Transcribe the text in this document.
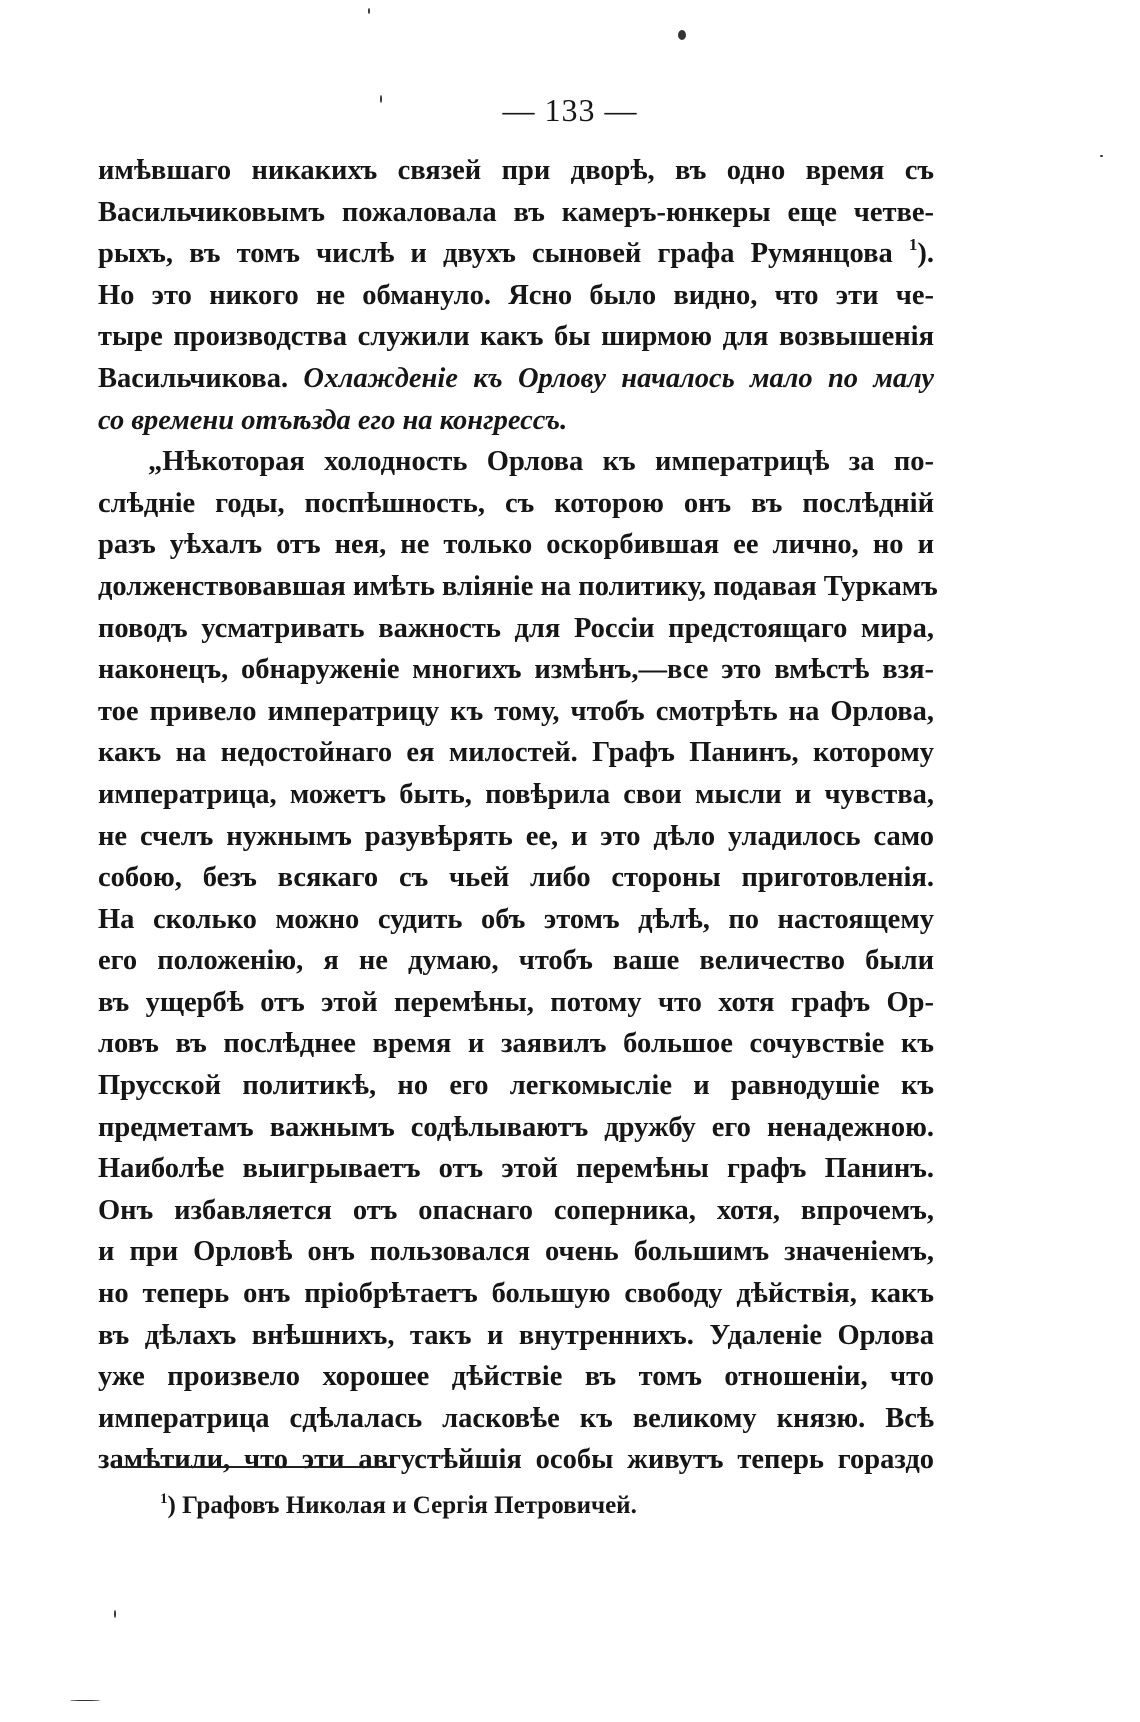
— 133 —
имѣвшаго никакихъ связей при дворѣ, въ одно время съ
Васильчиковымъ пожаловала въ камеръ-юнкеры еще четве-
рыхъ, въ томъ числѣ и двухъ сыновей графа Румянцова $^1$).
Но это никого не обмануло. Ясно было видно, что эти че-
тыре производства служили какъ бы ширмою для возвышенія
Васильчикова. Охлажденіе къ Орлову началось мало по малу
со времени отъѣзда его на конгрессъ.
„Нѣкоторая холодность Орлова къ императрицѣ за по-
слѣдніе годы, поспѣшность, съ которою онъ въ послѣдній
разъ уѣхалъ отъ нея, не только оскорбившая ее лично, но и
долженствовавшая имѣть вліяніе на политику, подавая Туркамъ
поводъ усматривать важность для Россіи предстоящаго мира,
наконецъ, обнаруженіе многихъ измѣнъ,—все это вмѣстѣ взя-
тое привело императрицу къ тому, чтобъ смотрѣть на Орлова,
какъ на недостойнаго ея милостей. Графъ Панинъ, которому
императрица, можетъ быть, повѣрила свои мысли и чувства,
не счелъ нужнымъ разувѣрять ее, и это дѣло уладилось само
собою, безъ всякаго съ чьей либо стороны приготовленія.
На сколько можно судить объ этомъ дѣлѣ, по настоящему
его положенію, я не думаю, чтобъ ваше величество были
въ ущербѣ отъ этой перемѣны, потому что хотя графъ Ор-
ловъ въ послѣднее время и заявилъ большое сочувствіе къ
Прусской политикѣ, но его легкомысліе и равнодушіе къ
предметамъ важнымъ содѣлываютъ дружбу его ненадежною.
Наиболѣе выигрываетъ отъ этой перемѣны графъ Панинъ.
Онъ избавляется отъ опаснаго соперника, хотя, впрочемъ,
и при Орловѣ онъ пользовался очень большимъ значеніемъ,
но теперь онъ пріобрѣтаетъ большую свободу дѣйствія, какъ
въ дѣлахъ внѣшнихъ, такъ и внутреннихъ. Удаленіе Орлова
уже произвело хорошее дѣйствіе въ томъ отношеніи, что
императрица сдѣлалась ласковѣе къ великому князю. Всѣ
замѣтили, что эти августѣйшія особы живутъ теперь гораздо
$^1$) Графовъ Николая и Сергія Петровичей.
